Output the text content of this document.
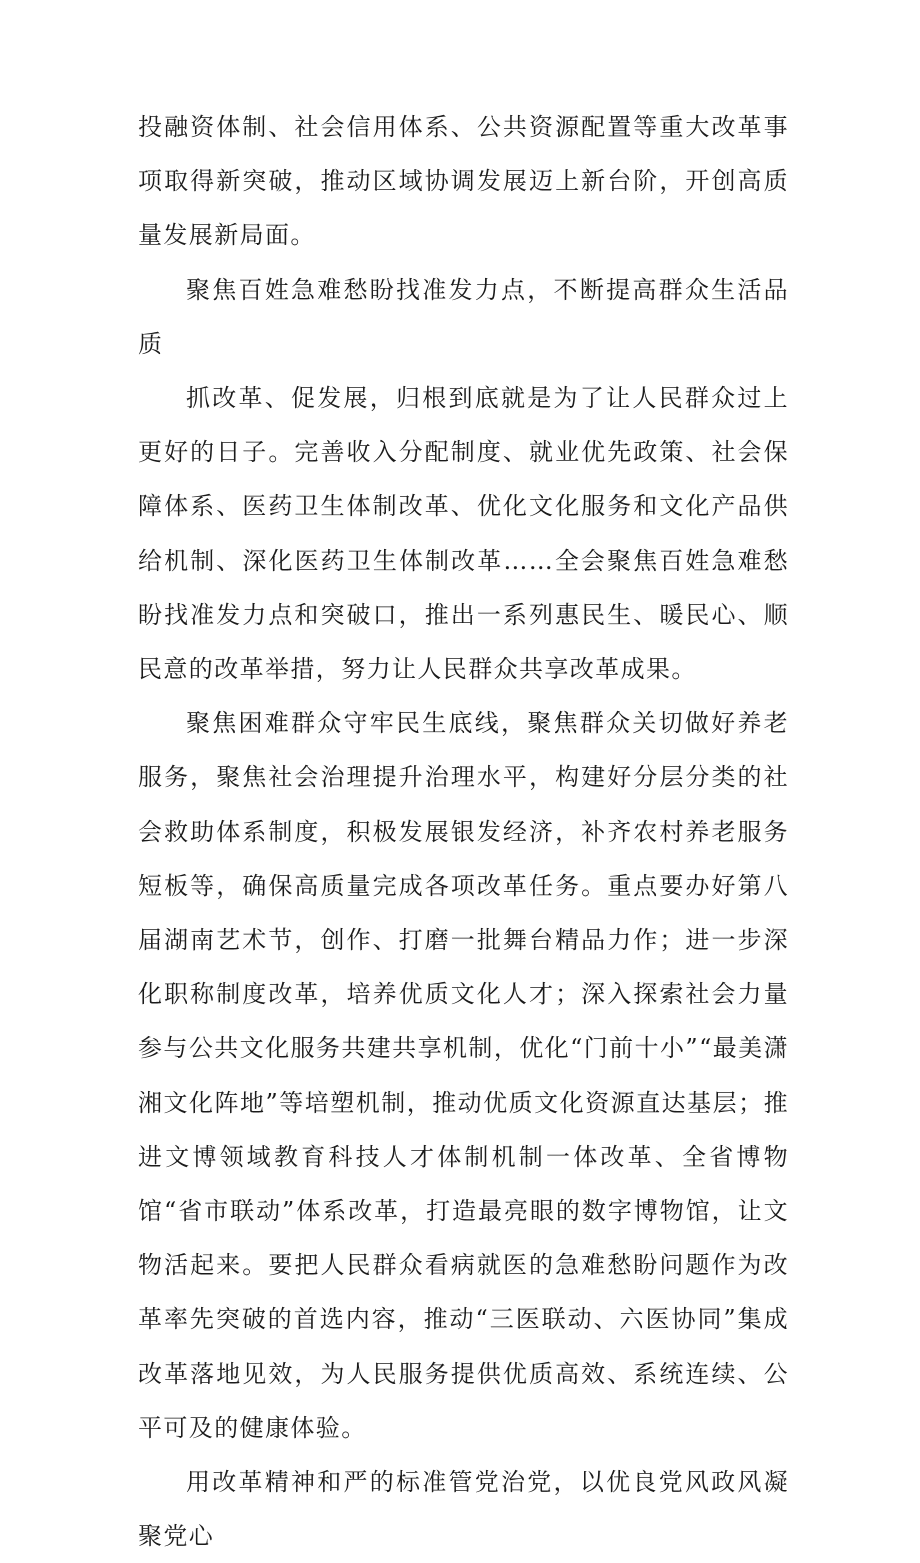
投融资体制、社会信用体系、公共资源配置等重大改革事项取得新突破，推动区域协调发展迈上新台阶，开创高质量发展新局面。

聚焦百姓急难愁盼找准发力点，不断提高群众生活品质

抓改革、促发展，归根到底就是为了让人民群众过上更好的日子。完善收入分配制度、就业优先政策、社会保障体系、医药卫生体制改革、优化文化服务和文化产品供给机制、深化医药卫生体制改革……全会聚焦百姓急难愁盼找准发力点和突破口，推出一系列惠民生、暖民心、顺民意的改革举措，努力让人民群众共享改革成果。

聚焦困难群众守牢民生底线，聚焦群众关切做好养老服务，聚焦社会治理提升治理水平，构建好分层分类的社会救助体系制度，积极发展银发经济，补齐农村养老服务短板等，确保高质量完成各项改革任务。重点要办好第八届湖南艺术节，创作、打磨一批舞台精品力作；进一步深化职称制度改革，培养优质文化人才；深入探索社会力量参与公共文化服务共建共享机制，优化“门前十小”“最美潇湘文化阵地”等培塑机制，推动优质文化资源直达基层；推进文博领域教育科技人才体制机制一体改革、全省博物馆“省市联动”体系改革，打造最亮眼的数字博物馆，让文物活起来。要把人民群众看病就医的急难愁盼问题作为改革率先突破的首选内容，推动“三医联动、六医协同”集成改革落地见效，为人民服务提供优质高效、系统连续、公平可及的健康体验。

用改革精神和严的标准管党治党，以优良党风政风凝聚党心
